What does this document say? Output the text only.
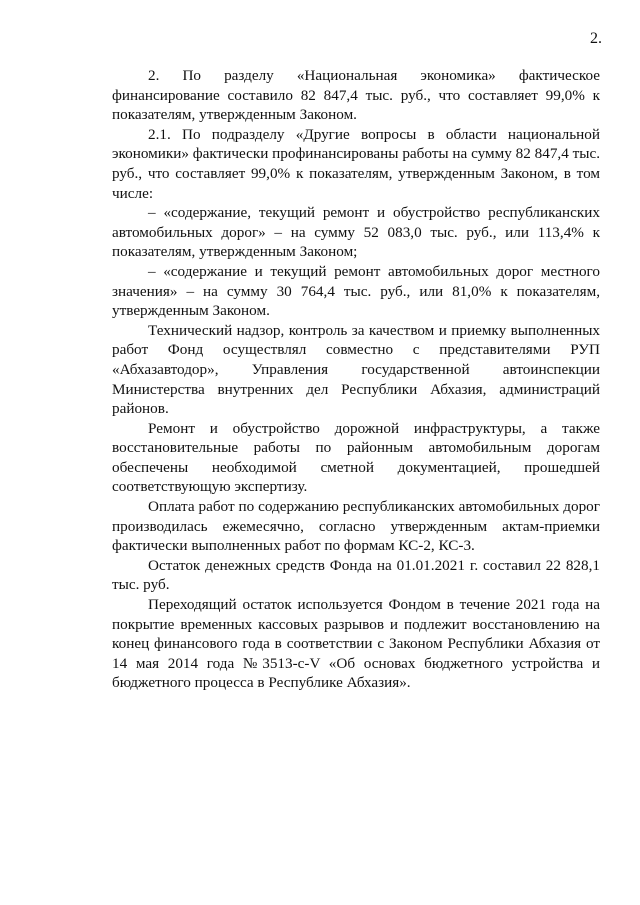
2.

2. По разделу «Национальная экономика» фактическое финансирование составило 82 847,4 тыс. руб., что составляет 99,0% к показателям, утвержденным Законом.

2.1. По подразделу «Другие вопросы в области национальной экономики» фактически профинансированы работы на сумму 82 847,4 тыс. руб., что составляет 99,0% к показателям, утвержденным Законом, в том числе:

– «содержание, текущий ремонт и обустройство республиканских автомобильных дорог» – на сумму 52 083,0 тыс. руб., или 113,4% к показателям, утвержденным Законом;

– «содержание и текущий ремонт автомобильных дорог местного значения» – на сумму 30 764,4 тыс. руб., или 81,0% к показателям, утвержденным Законом.

Технический надзор, контроль за качеством и приемку выполненных работ Фонд осуществлял совместно с представителями РУП «Абхазавтодор», Управления государственной автоинспекции Министерства внутренних дел Республики Абхазия, администраций районов.

Ремонт и обустройство дорожной инфраструктуры, а также восстановительные работы по районным автомобильным дорогам обеспечены необходимой сметной документацией, прошедшей соответствующую экспертизу.

Оплата работ по содержанию республиканских автомобильных дорог производилась ежемесячно, согласно утвержденным актам-приемки фактически выполненных работ по формам КС-2, КС-3.

Остаток денежных средств Фонда на 01.01.2021 г. составил 22 828,1 тыс. руб.

Переходящий остаток используется Фондом в течение 2021 года на покрытие временных кассовых разрывов и подлежит восстановлению на конец финансового года в соответствии с Законом Республики Абхазия от 14 мая 2014 года №3513-с-V «Об основах бюджетного устройства и бюджетного процесса в Республике Абхазия».
